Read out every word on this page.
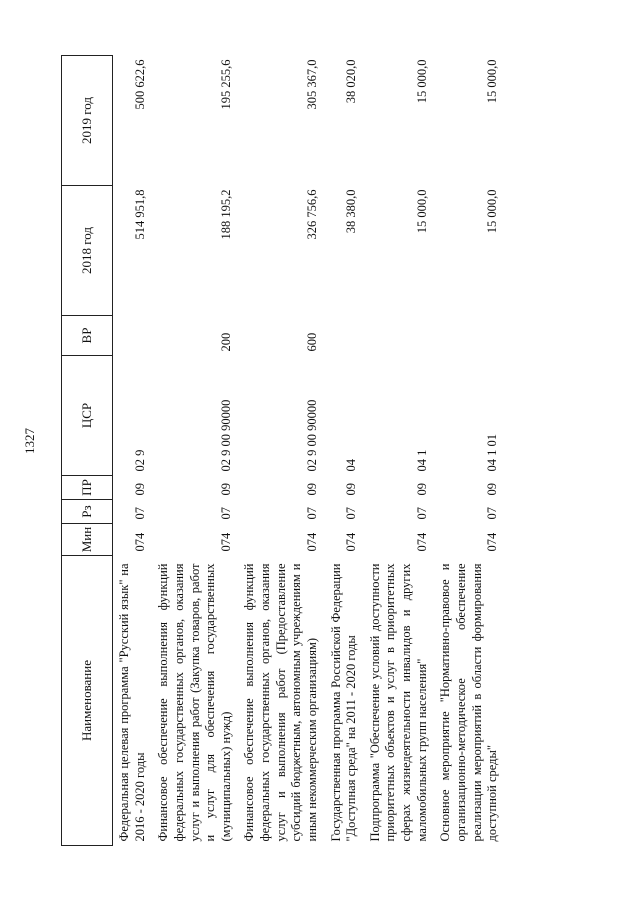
1327
Наименование	Мин	Рз	ПР	ЦСР	ВР	2018 год	2019 год
Федеральная целевая программа "Русский язык" на 2016 - 2020 годы	074	07	09	02 9		514 951,8	500 622,6
Финансовое обеспечение выполнения функций федеральных государственных органов, оказания услуг и выполнения работ (Закупка товаров, работ и услуг для обеспечения государственных (муниципальных) нужд)	074	07	09	02 9 00 90000	200	188 195,2	195 255,6
Финансовое обеспечение выполнения функций федеральных государственных органов, оказания услуг и выполнения работ (Предоставление субсидий бюджетным, автономным учреждениям и иным некоммерческим организациям)	074	07	09	02 9 00 90000	600	326 756,6	305 367,0
Государственная программа Российской Федерации "Доступная среда" на 2011 - 2020 годы	074	07	09	04		38 380,0	38 020,0
Подпрограмма "Обеспечение условий доступности приоритетных объектов и услуг в приоритетных сферах жизнедеятельности инвалидов и других маломобильных групп населения"	074	07	09	04 1		15 000,0	15 000,0
Основное мероприятие "Нормативно-правовое и организационно-методическое обеспечение реализации мероприятий в области формирования доступной среды"	074	07	09	04 1 01		15 000,0	15 000,0
